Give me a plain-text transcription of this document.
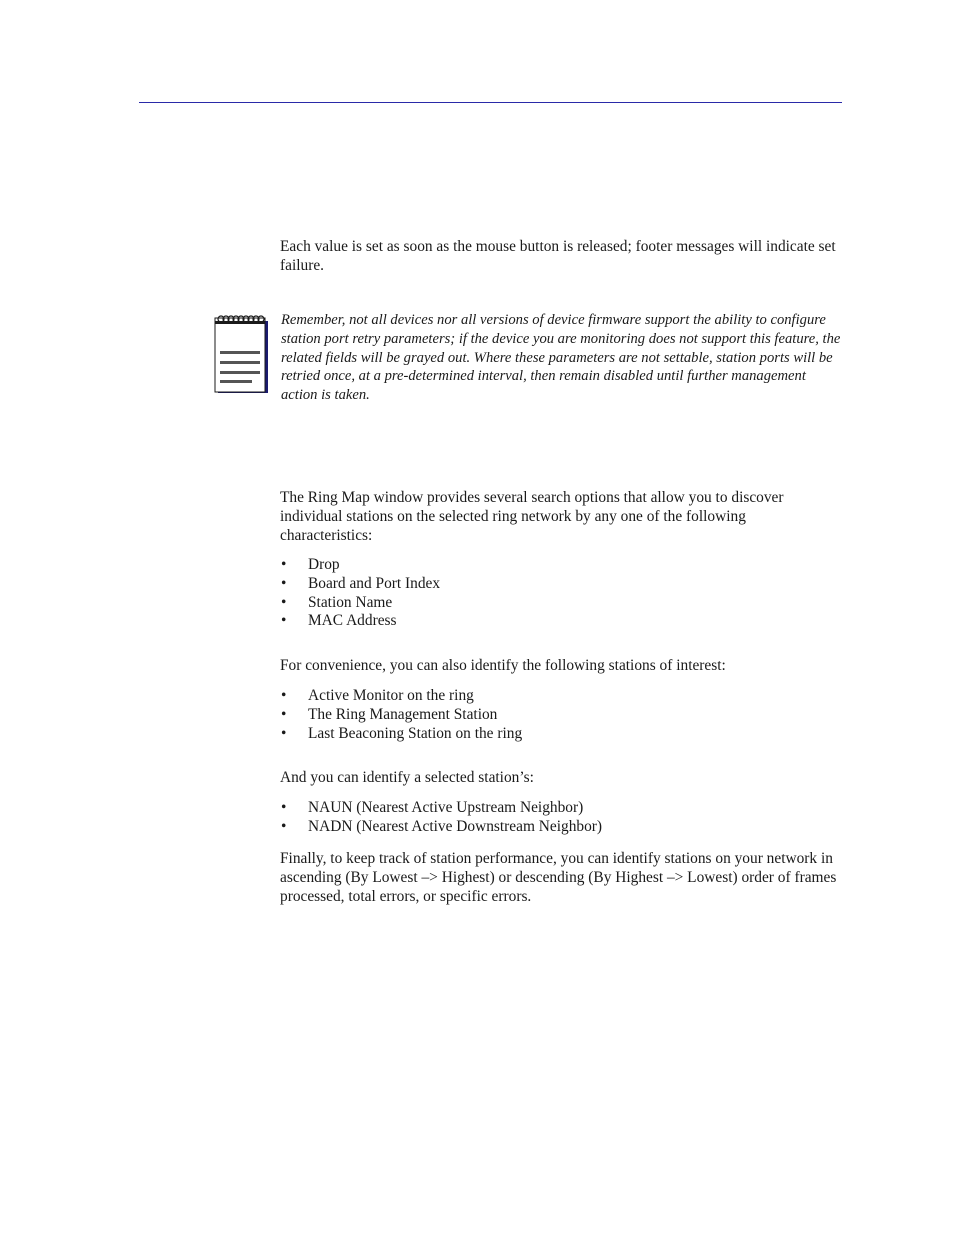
Each value is set as soon as the mouse button is released; footer messages will indicate set failure.

Remember, not all devices nor all versions of device firmware support the ability to configure station port retry parameters; if the device you are monitoring does not support this feature, the related fields will be grayed out. Where these parameters are not settable, station ports will be retried once, at a pre-determined interval, then remain disabled until further management action is taken.

The Ring Map window provides several search options that allow you to discover individual stations on the selected ring network by any one of the following characteristics:

• Drop
• Board and Port Index
• Station Name
• MAC Address

For convenience, you can also identify the following stations of interest:

• Active Monitor on the ring
• The Ring Management Station
• Last Beaconing Station on the ring

And you can identify a selected station’s:

• NAUN (Nearest Active Upstream Neighbor)
• NADN (Nearest Active Downstream Neighbor)

Finally, to keep track of station performance, you can identify stations on your network in ascending (By Lowest –> Highest) or descending (By Highest –> Lowest) order of frames processed, total errors, or specific errors.
